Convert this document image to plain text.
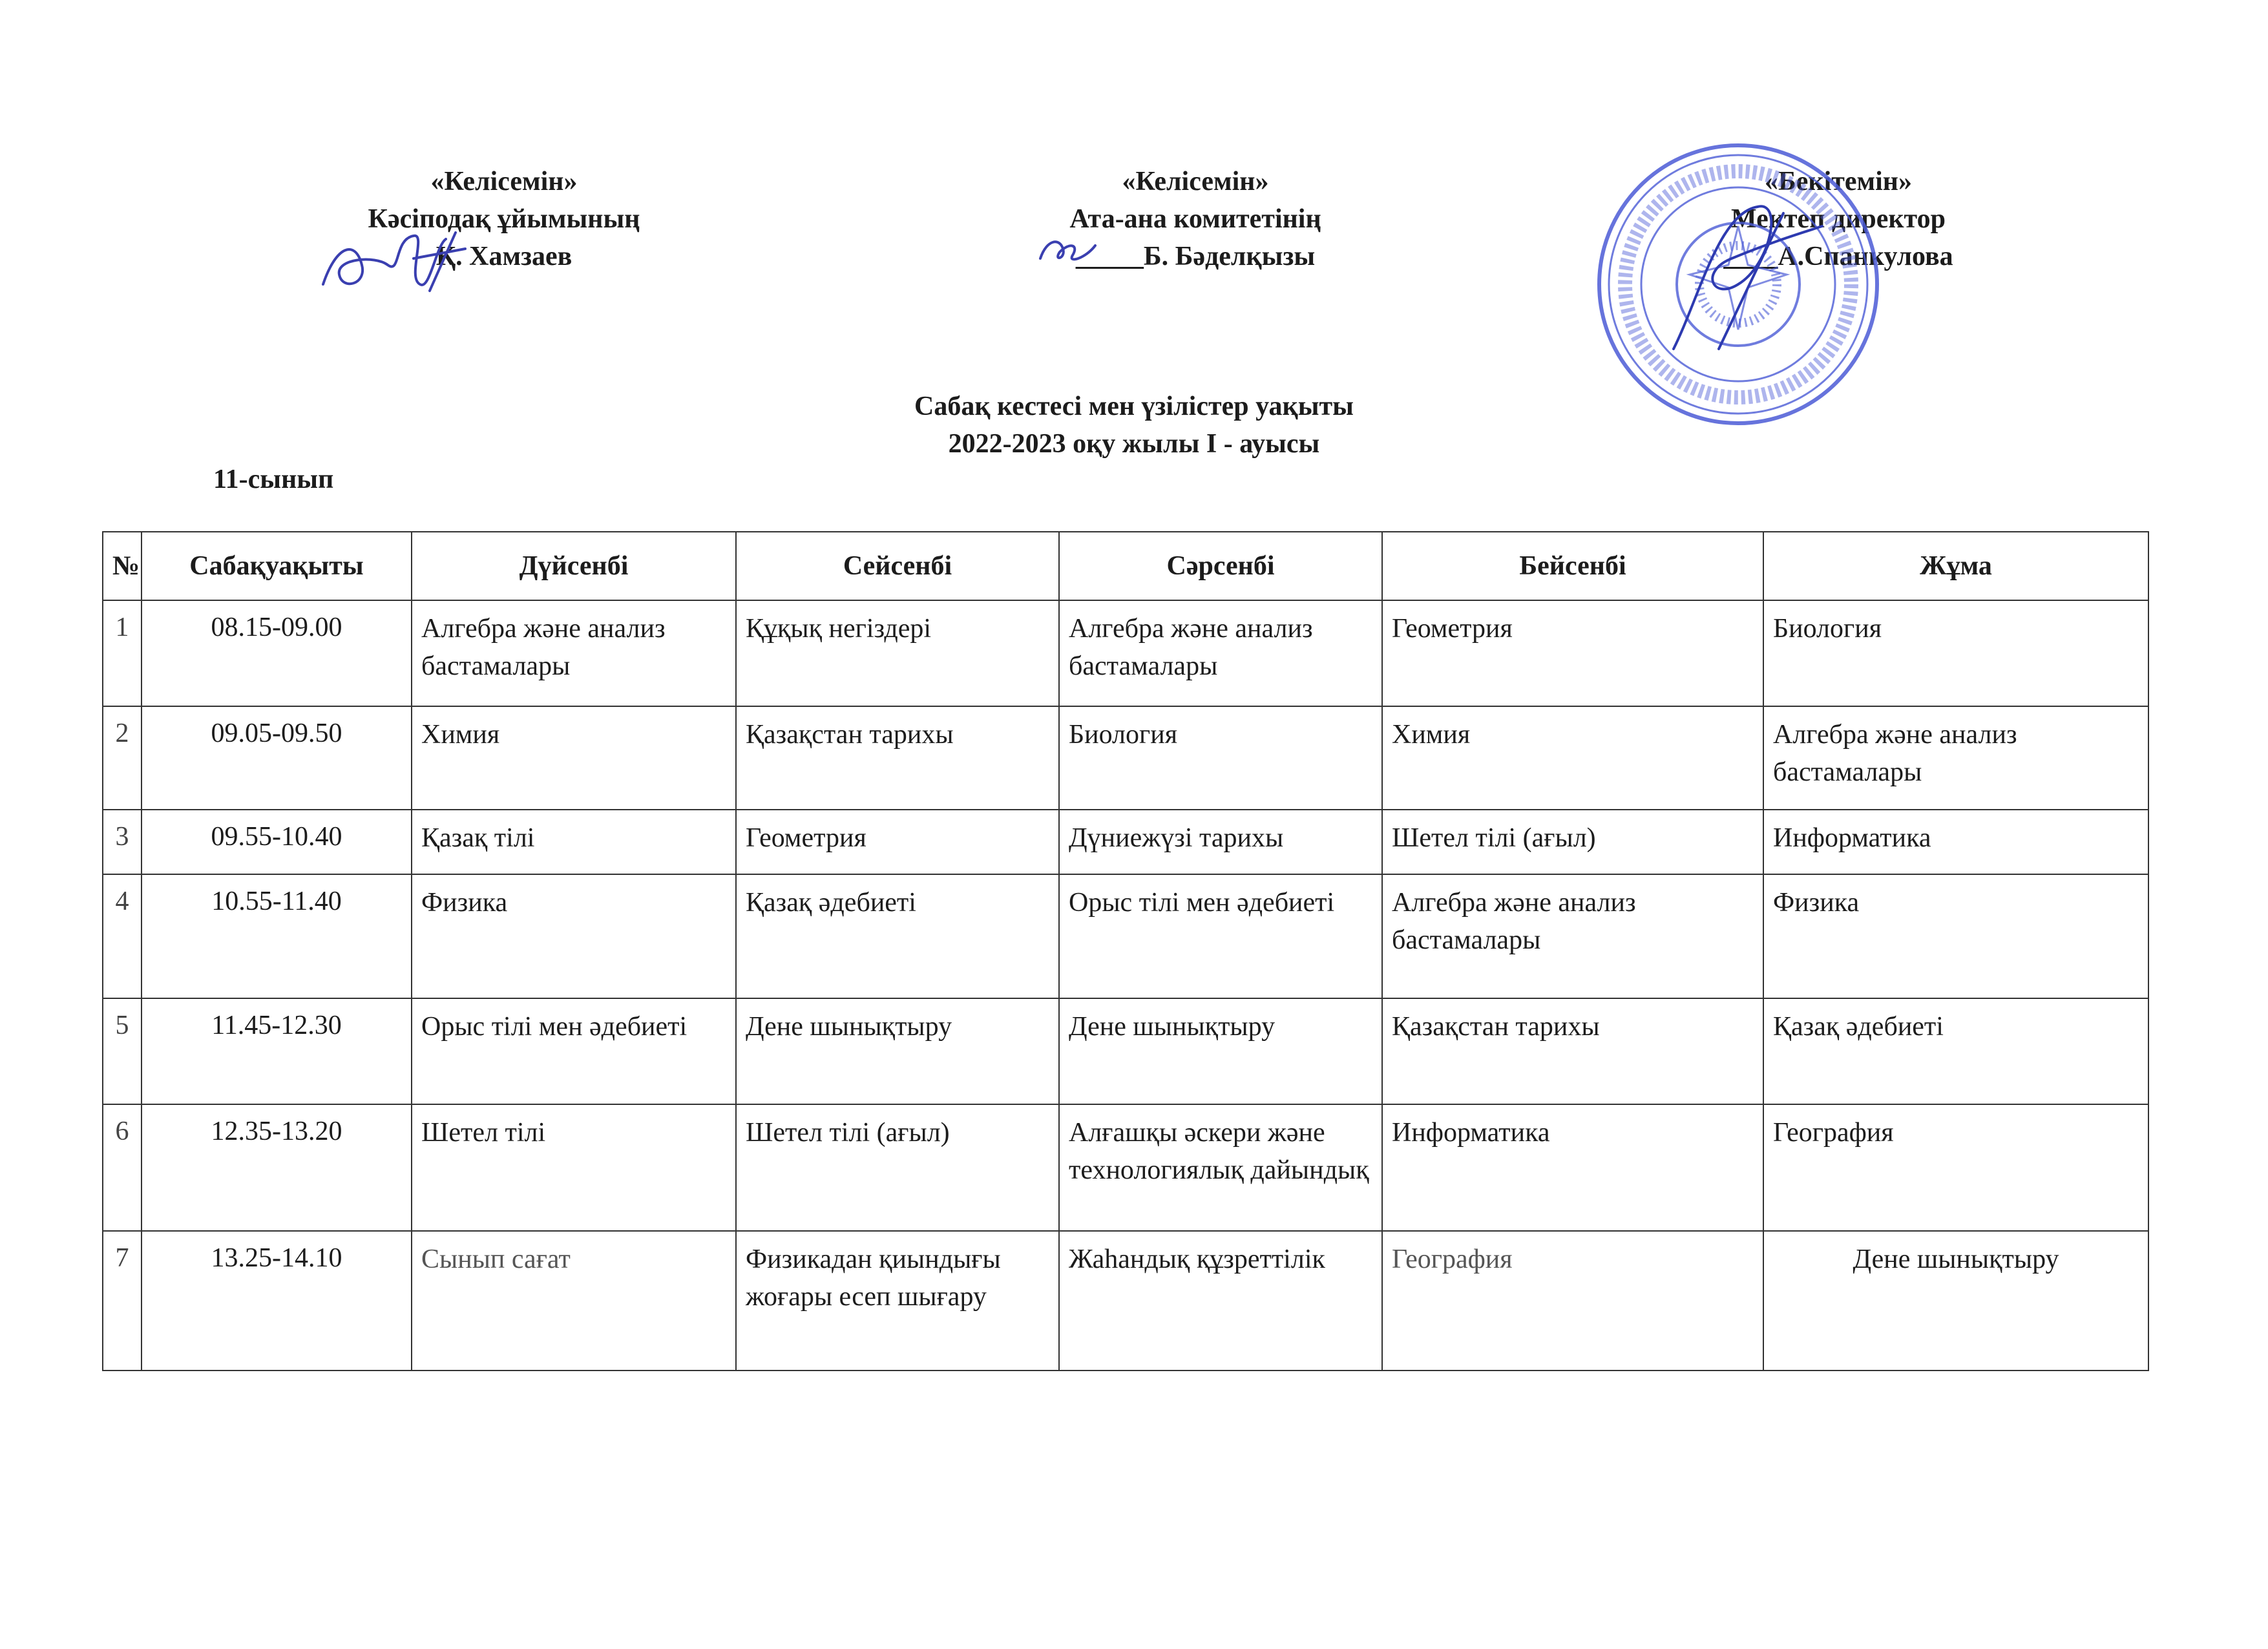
«Келісемін»
Кәсіподақ ұйымының
Қ. Хамзаев
«Келісемін»
Ата-ана комитетінің
_____Б. Бәделқызы
«Бекітемін»
Мектеп директор
____А.Спанкулова
Сабақ кестесі мен үзілістер уақыты
2022-2023 оқу жылы І - ауысы
11-сынып
№	Сабақуақыты	Дүйсенбі	Сейсенбі	Сәрсенбі	Бейсенбі	Жұма
1	08.15-09.00	Алгебра және анализ бастамалары	Құқық негіздері	Алгебра және анализ бастамалары	Геометрия	Биология
2	09.05-09.50	Химия	Қазақстан тарихы	Биология	Химия	Алгебра және анализ бастамалары
3	09.55-10.40	Қазақ тілі	Геометрия	Дүниежүзі тарихы	Шетел тілі (ағыл)	Информатика
4	10.55-11.40	Физика	Қазақ әдебиеті	Орыс тілі мен әдебиеті	Алгебра және анализ бастамалары	Физика
5	11.45-12.30	Орыс тілі мен әдебиеті	Дене шынықтыру	Дене шынықтыру	Қазақстан тарихы	Қазақ әдебиеті
6	12.35-13.20	Шетел тілі	Шетел тілі (ағыл)	Алғашқы әскери және технологиялық дайындық	Информатика	География
7	13.25-14.10	Сынып сағат	Физикадан қиындығы жоғары есеп шығару	Жаһандық құзреттілік	География	Дене шынықтыру
